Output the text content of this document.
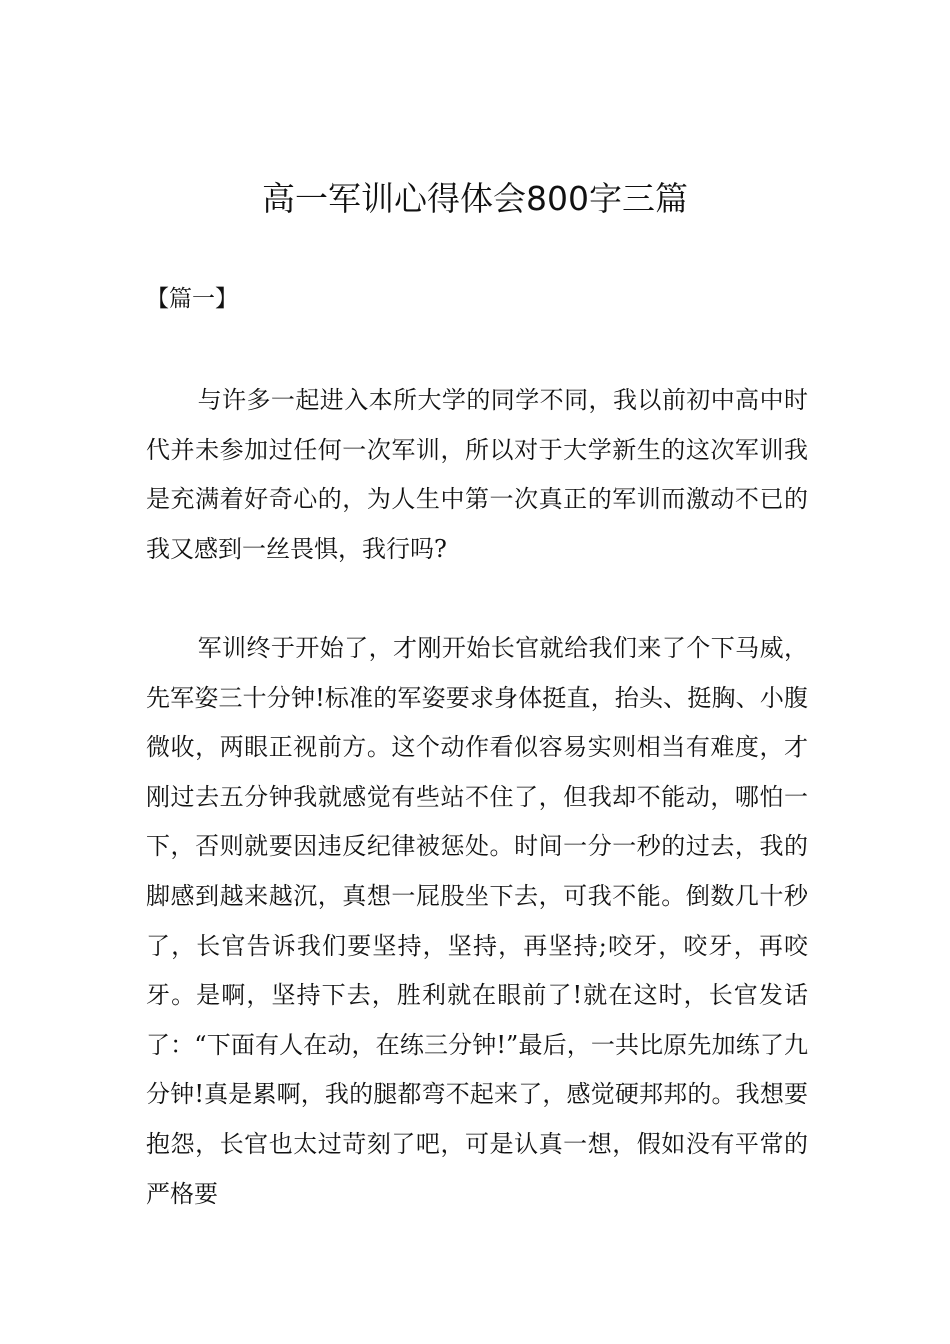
高一军训心得体会800字三篇
【篇一】

与许多一起进入本所大学的同学不同，我以前初中高中时代并未参加过任何一次军训，所以对于大学新生的这次军训我是充满着好奇心的，为人生中第一次真正的军训而激动不已的我又感到一丝畏惧，我行吗?

军训终于开始了，才刚开始长官就给我们来了个下马威，先军姿三十分钟!标准的军姿要求身体挺直，抬头、挺胸、小腹微收，两眼正视前方。这个动作看似容易实则相当有难度，才刚过去五分钟我就感觉有些站不住了，但我却不能动，哪怕一下，否则就要因违反纪律被惩处。时间一分一秒的过去，我的脚感到越来越沉，真想一屁股坐下去，可我不能。倒数几十秒了，长官告诉我们要坚持，坚持，再坚持;咬牙，咬牙，再咬牙。是啊，坚持下去，胜利就在眼前了!就在这时，长官发话了：“下面有人在动，在练三分钟!”最后，一共比原先加练了九分钟!真是累啊，我的腿都弯不起来了，感觉硬邦邦的。我想要抱怨，长官也太过苛刻了吧，可是认真一想，假如没有平常的严格要
